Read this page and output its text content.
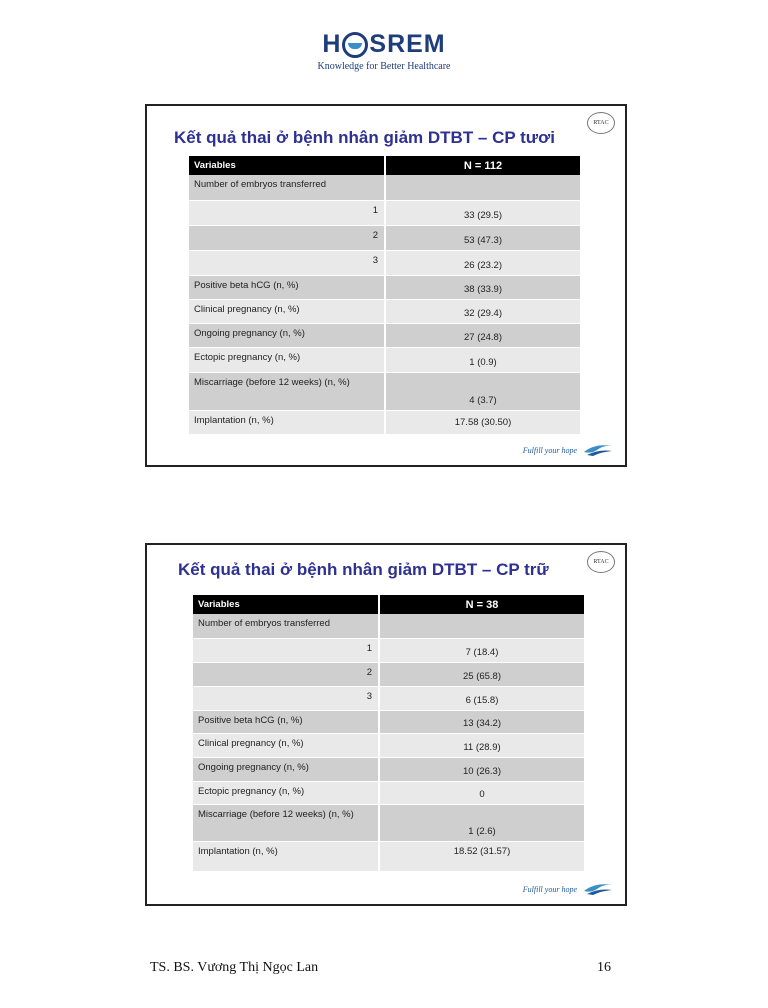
H SREM
Knowledge for Better Healthcare
Kết quả thai ở bệnh nhân giảm DTBT – CP tươi
RTAC
Variables	N = 112
Number of embryos transferred	
1	33 (29.5)
2	53 (47.3)
3	26 (23.2)
Positive beta hCG (n, %)	38 (33.9)
Clinical pregnancy (n, %)	32 (29.4)
Ongoing pregnancy (n, %)	27 (24.8)
Ectopic pregnancy (n, %)	1 (0.9)
Miscarriage (before 12 weeks) (n, %)	4 (3.7)
Implantation (n, %)	17.58 (30.50)
Fulfill your hope
Kết quả thai ở bệnh nhân giảm DTBT – CP trữ	RTAC
Variables	N = 38
Number of embryos transferred	
1	7 (18.4)
2	25 (65.8)
3	6 (15.8)
Positive beta hCG (n, %)	13 (34.2)
Clinical pregnancy (n, %)	11 (28.9)
Ongoing pregnancy (n, %)	10 (26.3)
Ectopic pregnancy (n, %)	0
Miscarriage (before 12 weeks) (n, %)	1 (2.6)
Implantation (n, %)	18.52 (31.57)
Fulfill your hope
TS. BS. Vương Thị Ngọc Lan	16
